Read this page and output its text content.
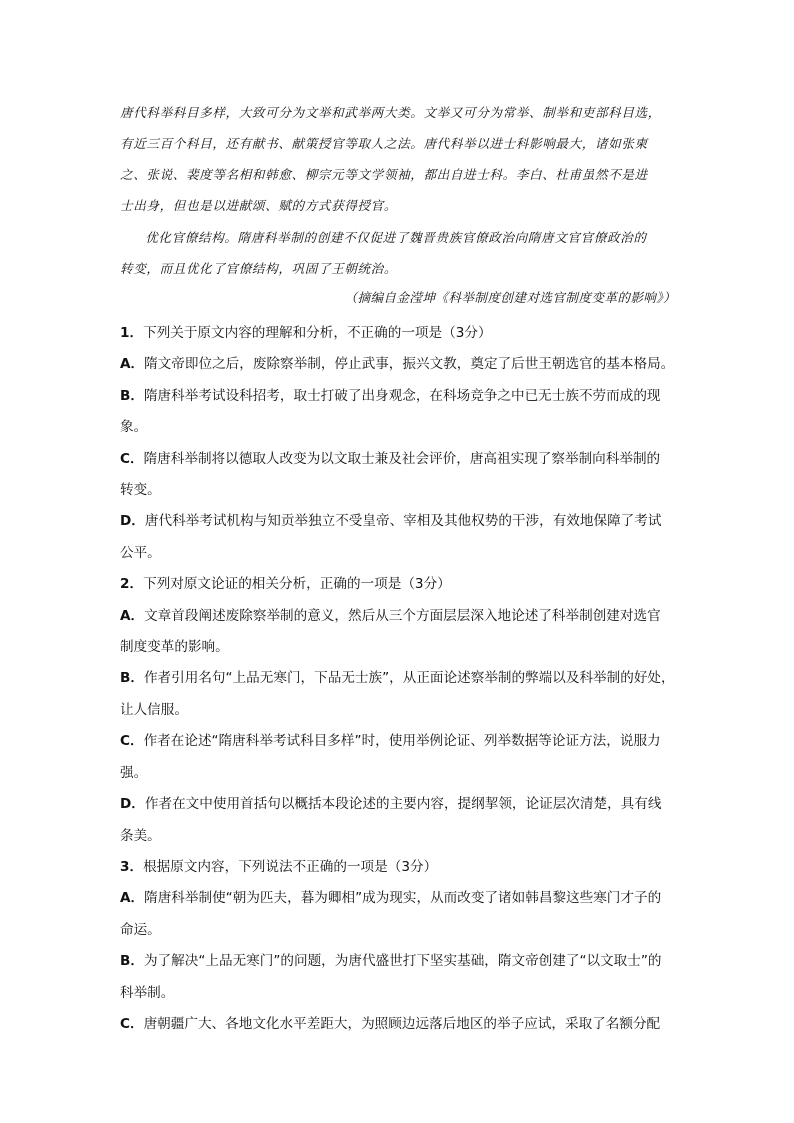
唐代科举科目多样，大致可分为文举和武举两大类。文举又可分为常举、制举和吏部科目选，

有近三百个科目，还有献书、献策授官等取人之法。唐代科举以进士科影响最大，诸如张柬

之、张说、裴度等名相和韩愈、柳宗元等文学领袖，都出自进士科。李白、杜甫虽然不是进

士出身，但也是以进献颂、赋的方式获得授官。

优化官僚结构。隋唐科举制的创建不仅促进了魏晋贵族官僚政治向隋唐文官官僚政治的

转变，而且优化了官僚结构，巩固了王朝统治。

（摘编自金滢坤《科举制度创建对选官制度变革的影响》）

1．下列关于原文内容的理解和分析，不正确的一项是（3分）

A．隋文帝即位之后，废除察举制，停止武事，振兴文教，奠定了后世王朝选官的基本格局。

B．隋唐科举考试设科招考，取士打破了出身观念，在科场竞争之中已无士族不劳而成的现

象。

C．隋唐科举制将以德取人改变为以文取士兼及社会评价，唐高祖实现了察举制向科举制的

转变。

D．唐代科举考试机构与知贡举独立不受皇帝、宰相及其他权势的干涉，有效地保障了考试

公平。

2．下列对原文论证的相关分析，正确的一项是（3分）

A．文章首段阐述废除察举制的意义，然后从三个方面层层深入地论述了科举制创建对选官

制度变革的影响。

B．作者引用名句“上品无寒门，下品无士族”，从正面论述察举制的弊端以及科举制的好处，

让人信服。

C．作者在论述“隋唐科举考试科目多样”时，使用举例论证、列举数据等论证方法，说服力

强。

D．作者在文中使用首括句以概括本段论述的主要内容，提纲挈领，论证层次清楚，具有线

条美。

3．根据原文内容，下列说法不正确的一项是（3分）

A．隋唐科举制使“朝为匹夫，暮为卿相”成为现实，从而改变了诸如韩昌黎这些寒门才子的

命运。

B．为了解决“上品无寒门”的问题，为唐代盛世打下坚实基础，隋文帝创建了“以文取士”的

科举制。

C．唐朝疆广大、各地文化水平差距大，为照顾边远落后地区的举子应试，采取了名额分配
